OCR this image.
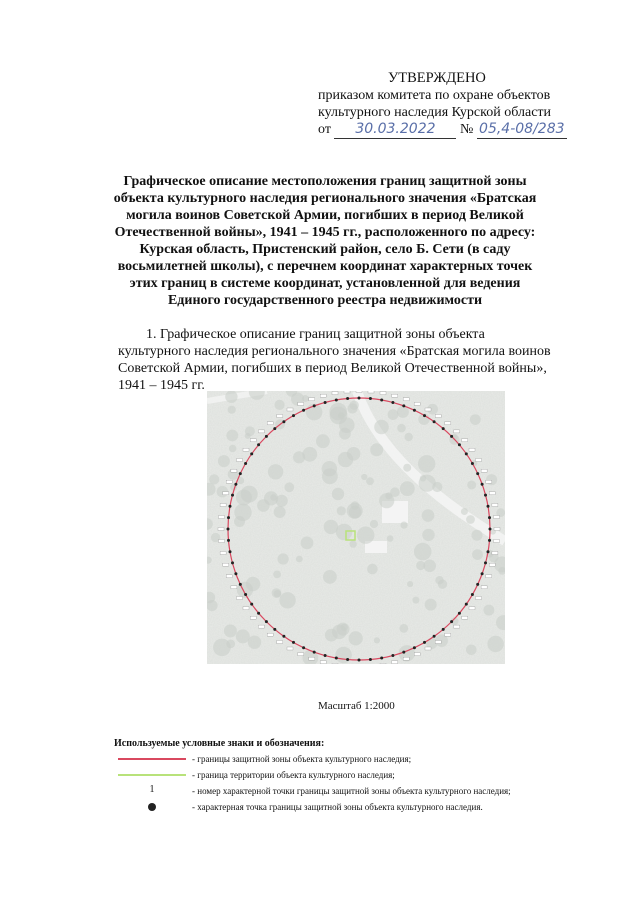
УТВЕРЖДЕНО
приказом комитета по охране объектов
культурного наследия Курской области
от 30.03.2022 № 05,4-08/283
Графическое описание местоположения границ защитной зоны
объекта культурного наследия регионального значения «Братская
могила воинов Советской Армии, погибших в период Великой
Отечественной войны», 1941 – 1945 гг., расположенного по адресу:
Курская область, Пристенский район, село Б. Сети (в саду
восьмилетней школы), с перечнем координат характерных точек
этих границ в системе координат, установленной для ведения
Единого государственного реестра недвижимости
1. Графическое описание границ защитной зоны объекта
культурного наследия регионального значения «Братская могила воинов
Советской Армии, погибших в период Великой Отечественной войны»,
1941 – 1945 гг.
Масштаб 1:2000
Используемые условные знаки и обозначения:
- границы защитной зоны объекта культурного наследия;
- граница территории объекта культурного наследия;
1	- номер характерной точки границы защитной зоны объекта культурного наследия;
- характерная точка границы защитной зоны объекта культурного наследия.
